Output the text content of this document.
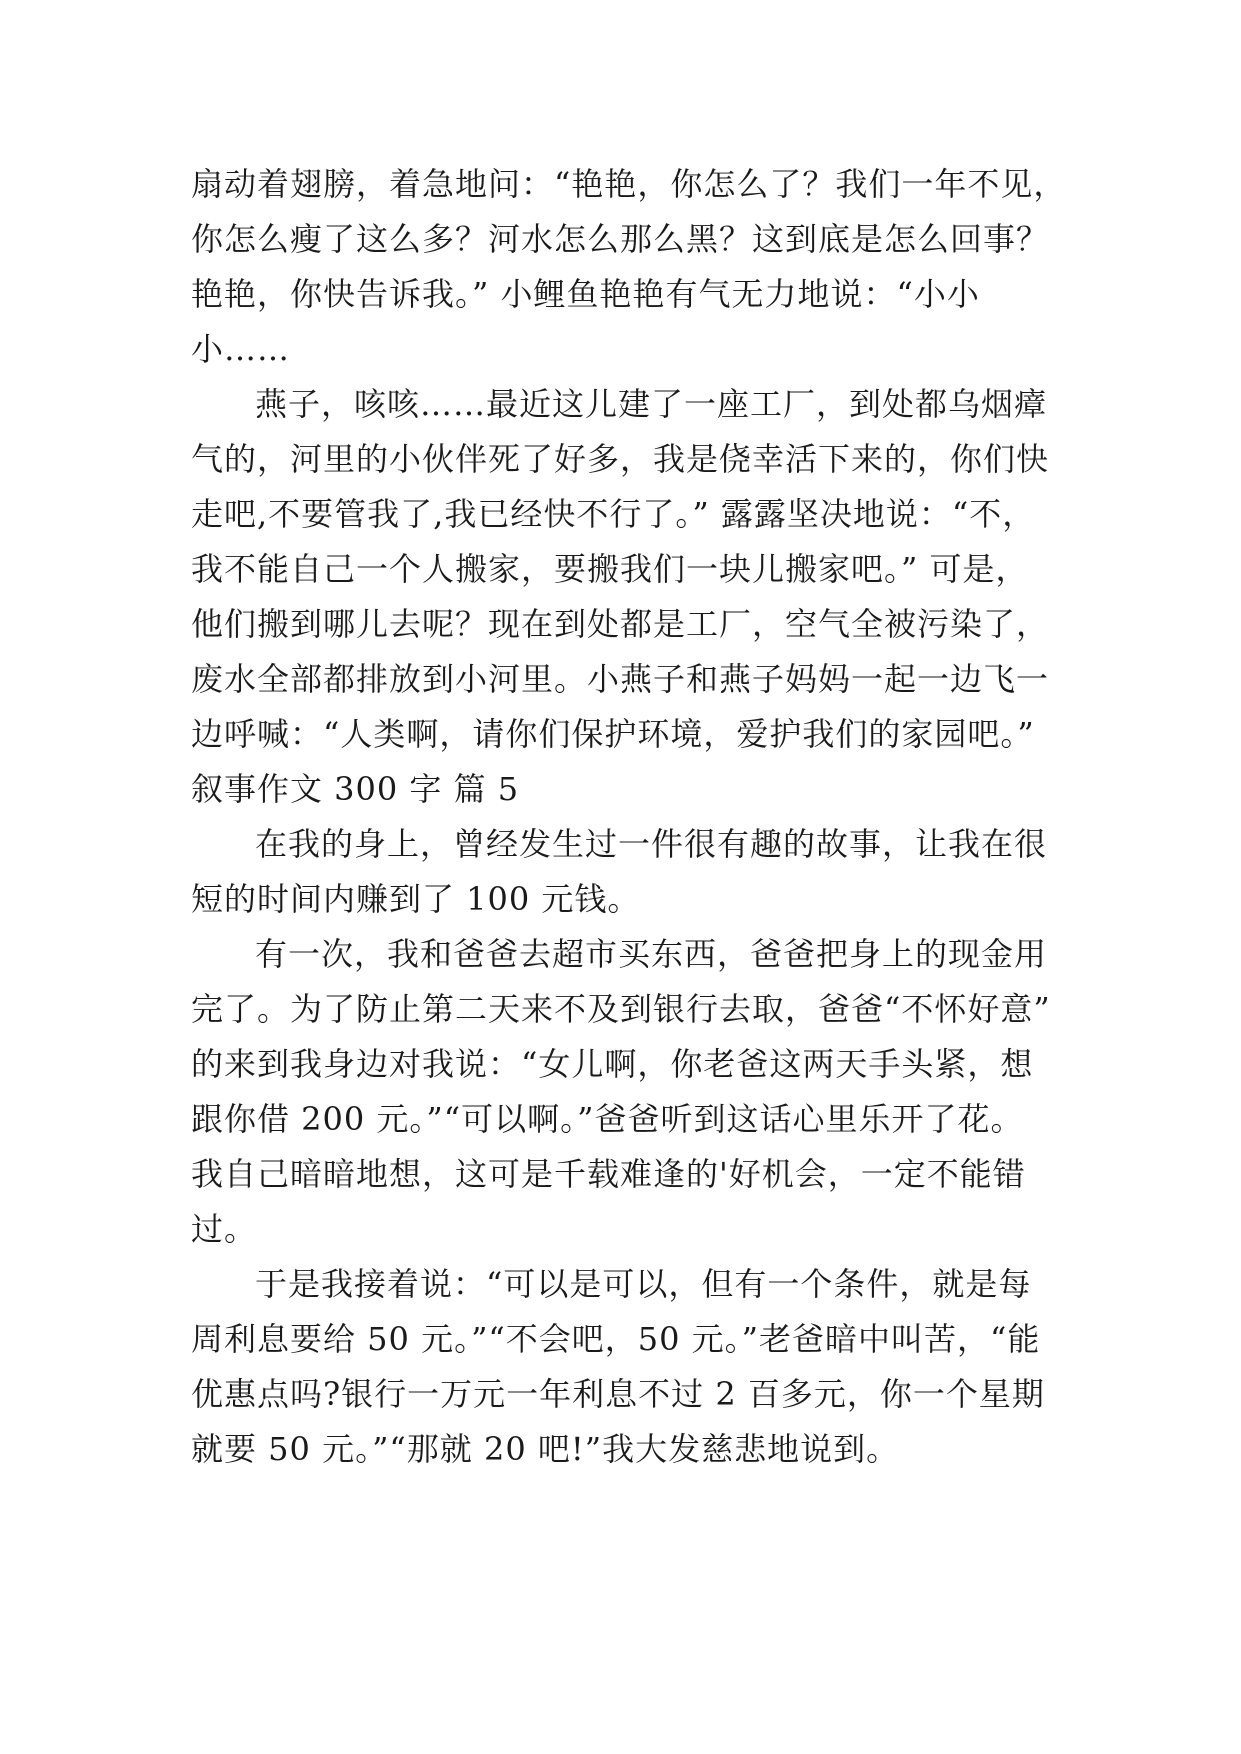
扇动着翅膀，着急地问：“艳艳，你怎么了？我们一年不见，
你怎么瘦了这么多？河水怎么那么黑？这到底是怎么回事？
艳艳，你快告诉我。” 小鲤鱼艳艳有气无力地说：“小小
小……
燕子，咳咳……最近这儿建了一座工厂，到处都乌烟瘴
气的，河里的小伙伴死了好多，我是侥幸活下来的，你们快
走吧,不要管我了,我已经快不行了。” 露露坚决地说：“不，
我不能自己一个人搬家，要搬我们一块儿搬家吧。” 可是，
他们搬到哪儿去呢？现在到处都是工厂，空气全被污染了，
废水全部都排放到小河里。小燕子和燕子妈妈一起一边飞一
边呼喊：“人类啊，请你们保护环境，爱护我们的家园吧。”
叙事作文 300 字 篇 5
在我的身上，曾经发生过一件很有趣的故事，让我在很
短的时间内赚到了 100 元钱。
有一次，我和爸爸去超市买东西，爸爸把身上的现金用
完了。为了防止第二天来不及到银行去取，爸爸“不怀好意”
的来到我身边对我说：“女儿啊，你老爸这两天手头紧，想
跟你借 200 元。”“可以啊。”爸爸听到这话心里乐开了花。
我自己暗暗地想，这可是千载难逢的'好机会，一定不能错
过。
于是我接着说：“可以是可以，但有一个条件，就是每
周利息要给 50 元。”“不会吧，50 元。”老爸暗中叫苦，“能
优惠点吗?银行一万元一年利息不过 2 百多元，你一个星期
就要 50 元。”“那就 20 吧!”我大发慈悲地说到。
